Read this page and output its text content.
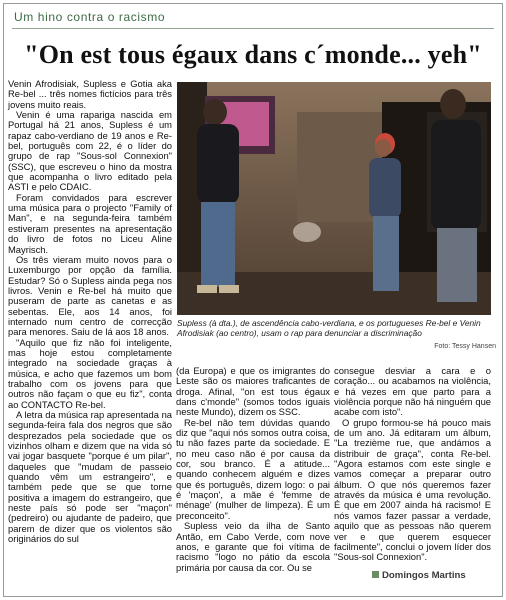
Um hino contra o racismo
"On est tous égaux dans c´monde... yeh"

Venin Afrodisiak, Supless e Gotia aka Re-bel ... três nomes fictícios para três jovens muito reais.

Venin é uma rapariga nascida em Portugal há 21 anos, Supless é um rapaz cabo-verdiano de 19 anos e Re-bel, português com 22, é o líder do grupo de rap "Sous-sol Connexion" (SSC), que escreveu o hino da mostra que acompanha o livro editado pela ASTI e pelo CDAIC.

Foram convidados para escrever uma música para o projecto "Family of Man", e na segunda-feira também estiveram presentes na apresentação do livro de fotos no Liceu Aline Mayrisch.

Os três vieram muito novos para o Luxemburgo por opção da família. Estudar? Só o Supless ainda pega nos livros. Venin e Re-bel há muito que puseram de parte as canetas e as sebentas. Ele, aos 14 anos, foi internado num centro de correcção para menores. Saiu de lá aos 18 anos.

"Aquilo que fiz não foi inteligente, mas hoje estou completamente integrado na sociedade graças à música, e acho que fazemos um bom trabalho com os jovens para que outros não façam o que eu fiz", conta ao CONTACTO Re-bel.

A letra da música rap apresentada na segunda-feira fala dos negros que são desprezados pela sociedade que os vizinhos olham e dizem que na vida só vai jogar basquete "porque é um pilar", daqueles que "mudam de passeio quando vêm um estrangeiro", e também pede que se que torne positiva a imagem do estrangeiro, que neste país só pode ser "maçon" (pedreiro) ou ajudante de padeiro, que parem de dizer que os violentos são originários do sul

Supless (à dta.), de ascendência cabo-verdiana, e os portugueses Re-bel e Venin Afrodisiak (ao centro), usam o rap para denunciar a discriminação
Foto: Tessy Hansen

(da Europa) e que os imigrantes do Leste são os maiores traficantes de droga. Afinal, "on est tous égaux dans c'monde" (somos todos iguais neste Mundo), dizem os SSC.

Re-bel não tem dúvidas quando diz que "aqui nós somos outra coisa, tu não fazes parte da sociedade. E no meu caso não é por causa da cor, sou branco. É a atitude... quando conhecem alguém e dizes que és português, dizem logo: o pai é 'maçon', a mãe é 'femme de ménage' (mulher de limpeza). É um preconceito".

Supless veio da ilha de Santo Antão, em Cabo Verde, com nove anos, e garante que foi vítima de racismo "logo no pátio da escola primária por causa da cor. Ou se

consegue desviar a cara e o coração... ou acabamos na violência, e há vezes em que parto para a violência porque não há ninguém que acabe com isto".

O grupo formou-se há pouco mais de um ano. Já editaram um álbum, "La trezième rue, que andámos a distribuir de graça", conta Re-bel. "Agora estamos com este single e vamos começar a preparar outro álbum. O que nós queremos fazer através da música é uma revolução. É que em 2007 ainda há racismo! E nós vamos fazer passar a verdade, aquilo que as pessoas não querem ver e que querem esquecer facilmente", conclui o jovem líder dos "Sous-sol Connexion".

Domingos Martins
